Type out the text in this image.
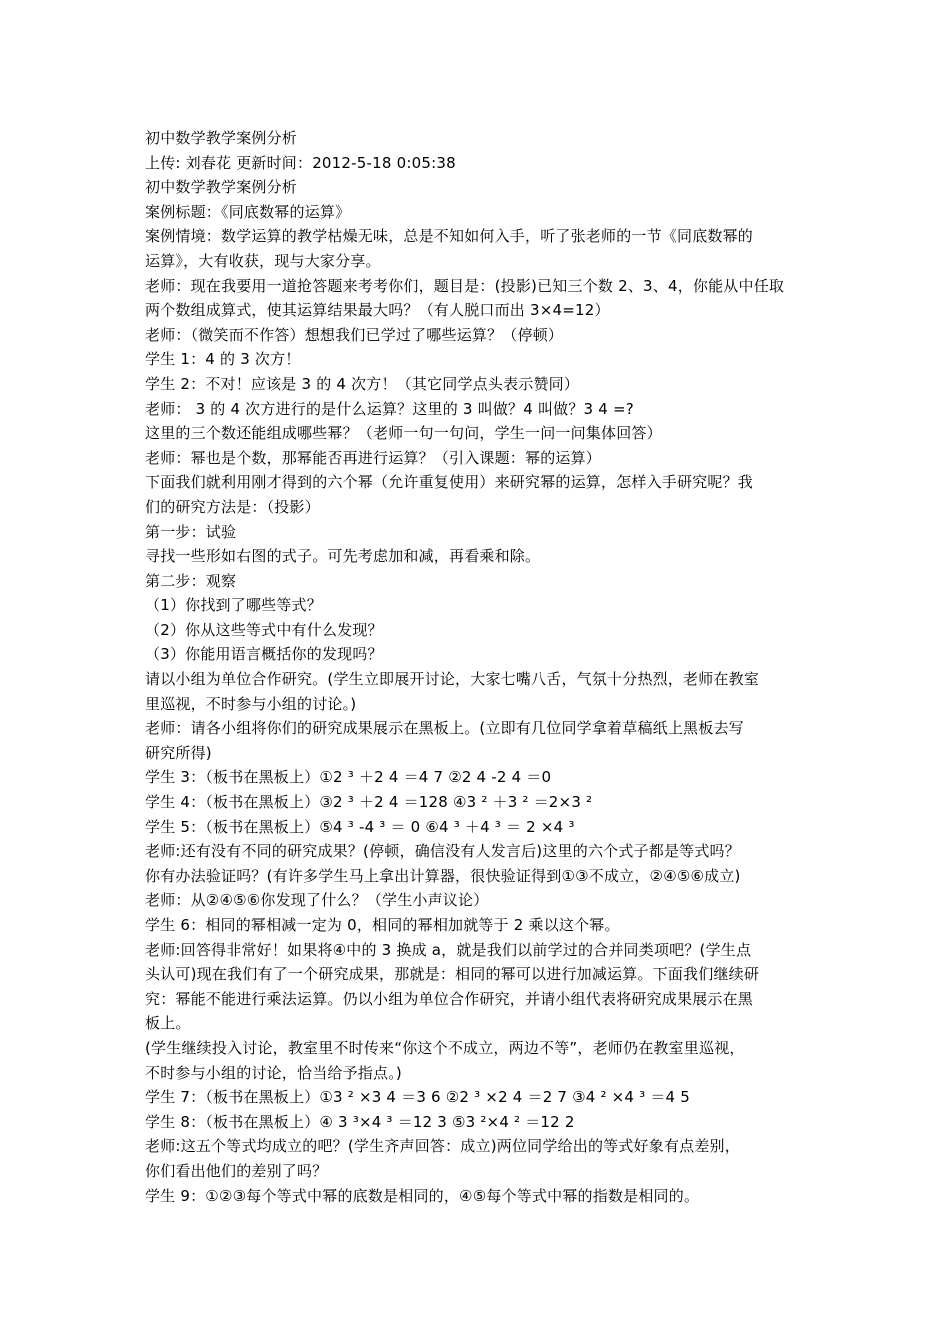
初中数学教学案例分析

上传: 刘春花 更新时间：2012-5-18 0:05:38

初中数学教学案例分析

案例标题：《同底数幂的运算》

案例情境：数学运算的教学枯燥无味，总是不知如何入手，听了张老师的一节《同底数幂的

运算》，大有收获，现与大家分享。

老师：现在我要用一道抢答题来考考你们，题目是：(投影)已知三个数 2、3、4，你能从中任取

两个数组成算式，使其运算结果最大吗？（有人脱口而出 3×4=12）

老师：（微笑而不作答）想想我们已学过了哪些运算？（停顿）

学生 1：4 的 3 次方！

学生 2：不对！应该是 3 的 4 次方！（其它同学点头表示赞同）

老师： 3 的 4 次方进行的是什么运算？这里的 3 叫做？4 叫做？3 4 =?

这里的三个数还能组成哪些幂？（老师一句一句问，学生一问一问集体回答）

老师：幂也是个数，那幂能否再进行运算？（引入课题：幂的运算）

下面我们就利用刚才得到的六个幂（允许重复使用）来研究幂的运算，怎样入手研究呢？我

们的研究方法是：（投影）

第一步：试验

寻找一些形如右图的式子。可先考虑加和减，再看乘和除。

第二步：观察

（1）你找到了哪些等式？

（2）你从这些等式中有什么发现？

（3）你能用语言概括你的发现吗？

请以小组为单位合作研究。(学生立即展开讨论，大家七嘴八舌，气氛十分热烈，老师在教室

里巡视，不时参与小组的讨论。)

老师：请各小组将你们的研究成果展示在黑板上。(立即有几位同学拿着草稿纸上黑板去写

研究所得)

学生 3：（板书在黑板上）①2 ³ ＋2 4 ＝4 7 ②2 4 -2 4 ＝0

学生 4：（板书在黑板上）③2 ³ ＋2 4 ＝128 ④3 ² ＋3 ² ＝2×3 ²

学生 5：（板书在黑板上）⑤4 ³ -4 ³ ＝ 0 ⑥4 ³ ＋4 ³ ＝ 2 ×4 ³

老师:还有没有不同的研究成果？(停顿，确信没有人发言后)这里的六个式子都是等式吗？

你有办法验证吗？(有许多学生马上拿出计算器，很快验证得到①③不成立，②④⑤⑥成立)

老师：从②④⑤⑥你发现了什么？（学生小声议论）

学生 6：相同的幂相减一定为 0，相同的幂相加就等于 2 乘以这个幂。

老师:回答得非常好！如果将④中的 3 换成 a，就是我们以前学过的合并同类项吧？(学生点

头认可)现在我们有了一个研究成果，那就是：相同的幂可以进行加减运算。下面我们继续研

究：幂能不能进行乘法运算。仍以小组为单位合作研究，并请小组代表将研究成果展示在黑

板上。

(学生继续投入讨论，教室里不时传来“你这个不成立，两边不等”，老师仍在教室里巡视，

不时参与小组的讨论，恰当给予指点。)

学生 7：（板书在黑板上）①3 ² ×3 4 ＝3 6 ②2 ³ ×2 4 ＝2 7 ③4 ² ×4 ³ ＝4 5

学生 8：（板书在黑板上）④ 3 ³×4 ³ ＝12 3 ⑤3 ²×4 ² ＝12 2

老师:这五个等式均成立的吧？(学生齐声回答：成立)两位同学给出的等式好象有点差别，

你们看出他们的差别了吗？

学生 9：①②③每个等式中幂的底数是相同的，④⑤每个等式中幂的指数是相同的。
